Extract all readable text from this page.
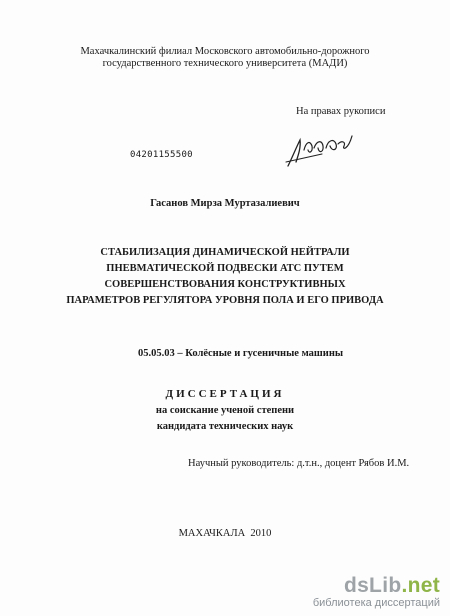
Махачкалинский филиал Московского автомобильно-дорожного
государственного технического университета (МАДИ)
На правах рукописи
04201155500
Гасанов Мирза Муртазалиевич
СТАБИЛИЗАЦИЯ ДИНАМИЧЕСКОЙ НЕЙТРАЛИ
ПНЕВМАТИЧЕСКОЙ ПОДВЕСКИ АТС ПУТЕМ
СОВЕРШЕНСТВОВАНИЯ КОНСТРУКТИВНЫХ
ПАРАМЕТРОВ РЕГУЛЯТОРА УРОВНЯ ПОЛА И ЕГО ПРИВОДА
05.05.03 – Колёсные и гусеничные машины
ДИССЕРТАЦИЯ
на соискание ученой степени
кандидата технических наук
Научный руководитель: д.т.н., доцент Рябов И.М.
МАХАЧКАЛА  2010
dsLib.net
библиотека диссертаций
